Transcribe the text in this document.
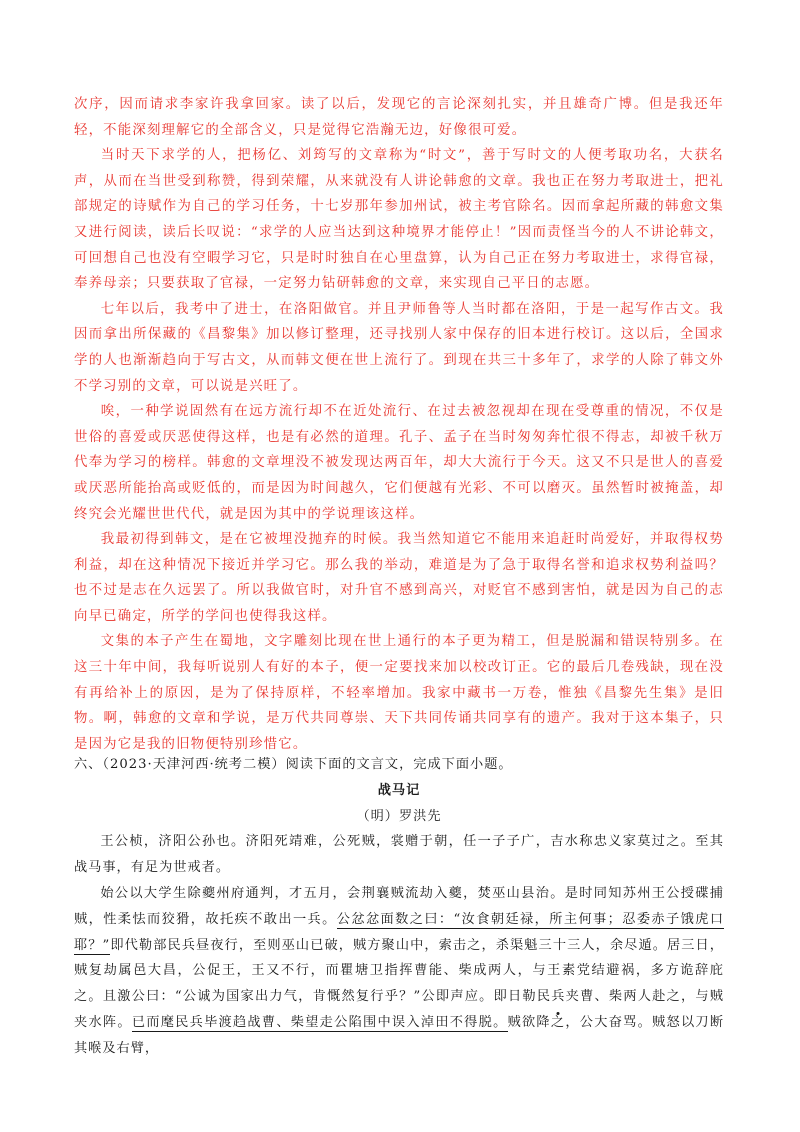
次序，因而请求李家许我拿回家。读了以后，发现它的言论深刻扎实，并且雄奇广博。但是我还年轻，不能深刻理解它的全部含义，只是觉得它浩瀚无边，好像很可爱。

当时天下求学的人，把杨亿、刘筠写的文章称为“时文”，善于写时文的人便考取功名，大获名声，从而在当世受到称赞，得到荣耀，从来就没有人讲论韩愈的文章。我也正在努力考取进士，把礼部规定的诗赋作为自己的学习任务，十七岁那年参加州试，被主考官除名。因而拿起所藏的韩愈文集又进行阅读，读后长叹说：“求学的人应当达到这种境界才能停止！”因而责怪当今的人不讲论韩文，可回想自己也没有空暇学习它，只是时时独自在心里盘算，认为自己正在努力考取进士，求得官禄，奉养母亲；只要获取了官禄，一定努力钻研韩愈的文章，来实现自己平日的志愿。

七年以后，我考中了进士，在洛阳做官。并且尹师鲁等人当时都在洛阳，于是一起写作古文。我因而拿出所保藏的《昌黎集》加以修订整理，还寻找别人家中保存的旧本进行校订。这以后，全国求学的人也渐渐趋向于写古文，从而韩文便在世上流行了。到现在共三十多年了，求学的人除了韩文外不学习别的文章，可以说是兴旺了。

唉，一种学说固然有在远方流行却不在近处流行、在过去被忽视却在现在受尊重的情况，不仅是世俗的喜爱或厌恶使得这样，也是有必然的道理。孔子、孟子在当时匆匆奔忙很不得志，却被千秋万代奉为学习的榜样。韩愈的文章埋没不被发现达两百年，却大大流行于今天。这又不只是世人的喜爱或厌恶所能抬高或贬低的，而是因为时间越久，它们便越有光彩、不可以磨灭。虽然暂时被掩盖，却终究会光耀世世代代，就是因为其中的学说理该这样。

我最初得到韩文，是在它被埋没抛弃的时候。我当然知道它不能用来追赶时尚爱好，并取得权势利益，却在这种情况下接近并学习它。那么我的举动，难道是为了急于取得名誉和追求权势利益吗？也不过是志在久远罢了。所以我做官时，对升官不感到高兴，对贬官不感到害怕，就是因为自己的志向早已确定，所学的学问也使得我这样。

文集的本子产生在蜀地，文字雕刻比现在世上通行的本子更为精工，但是脱漏和错误特别多。在这三十年中间，我每听说别人有好的本子，便一定要找来加以校改订正。它的最后几卷残缺，现在没有再给补上的原因，是为了保持原样，不轻率增加。我家中藏书一万卷，惟独《昌黎先生集》是旧物。啊，韩愈的文章和学说，是万代共同尊崇、天下共同传诵共同享有的遗产。我对于这本集子，只是因为它是我的旧物便特别珍惜它。

六、（2023·天津河西·统考二模）阅读下面的文言文，完成下面小题。

战马记

（明）罗洪先

王公桢，济阳公孙也。济阳死靖难，公死贼，裳赠于朝，任一子子广，吉水称忠义家莫过之。至其战马事，有足为世戒者。

始公以大学生除夔州府通判，才五月，会荆襄贼流劫入夔，焚巫山县治。是时同知苏州王公授碟捕贼，性柔怯而狡猾，故托疾不敢出一兵。公忿忿面数之曰：“汝食朝廷禄，所主何事；忍委赤子饿虎口耶？”即代勒部民兵昼夜行，至则巫山已破，贼方聚山中，索击之，杀渠魁三十三人，余尽遁。居三日，贼复劫属邑大昌，公促王，王又不行，而瞿塘卫指挥曹能、柴成两人，与王素党结避祸，多方诡辞庇之。且激公曰：“公诚为国家出力气，肯慨然复行乎？”公即声应。即日勒民兵夹曹、柴两人赴之，与贼夹水阵。已而麾民兵毕渡趋战曹、柴望走公陷围中误入淖田不得脱。贼欲降之，公大奋骂。贼怒以刀断其喉及右臂，
